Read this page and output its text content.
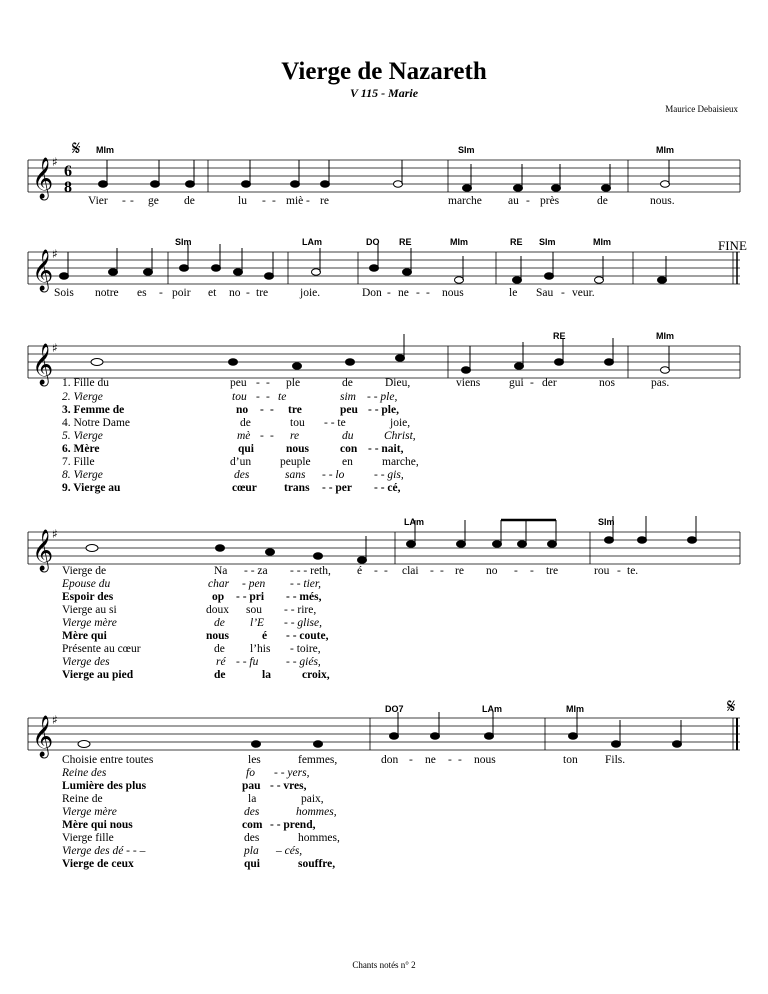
Vierge de Nazareth
V 115 - Marie
Maurice Debaisieux
𝄞
𝄞
𝄞
𝄞
𝄞
♯
♯
♯
♯
♯
6
8
𝄋
𝄋
FINE
MIm	SIm	MIm
Vier - - ge de	lu - - miè - re	marche au - près	de	nous.
SIm	LAm	DO RE	MIm	RE SIm	MIm
Sois notre es - poir et no - tre	joie.	Don - ne - - nous	le Sau - veur.
RE	MIm
viens gui - der	nos	pas.
1. Fille du	peu - - ple	de	Dieu,
2. Vierge	tou - - te	sim - - ple,
3. Femme de	no - - tre	peu - - ple,
4. Notre Dame	de	tou - - te	joie,
5. Vierge	mè - - re	du	Christ,
6. Mère	qui	nous	con - - nait,
7. Fille	d’un	peuple	en	marche,
8. Vierge	des	sans - - lo	- - gis,
9. Vierge au	cœur trans - - per - - cé,
LAm	SIm
é - - clai - - re no - - tre	rou - te.
Vierge de	Na - - za - - - reth,
Epouse du	char - pen - - tier,
Espoir des	op - - pri - - més,
Vierge au si	doux sou - - rire,
Vierge mère	de l’E - - glise,
Mère qui	nous	é - - coute,
Présente au cœur	de l’his - toire,
Vierge des	ré - - fu - - giés,
Vierge au pied	de	la	croix,
DO7	LAm	MIm
don - ne - - nous	ton Fils.
Choisie entre toutes	les	femmes,
Reine des	fo - - yers,
Lumière des plus	pau - - vres,
Reine de	la	paix,
Vierge mère	des	hommes,
Mère qui nous	com - - prend,
Vierge fille	des	hommes,
Vierge des dé - - –	pla – cés,
Vierge de ceux	qui	souffre,
Chants notés n° 2
